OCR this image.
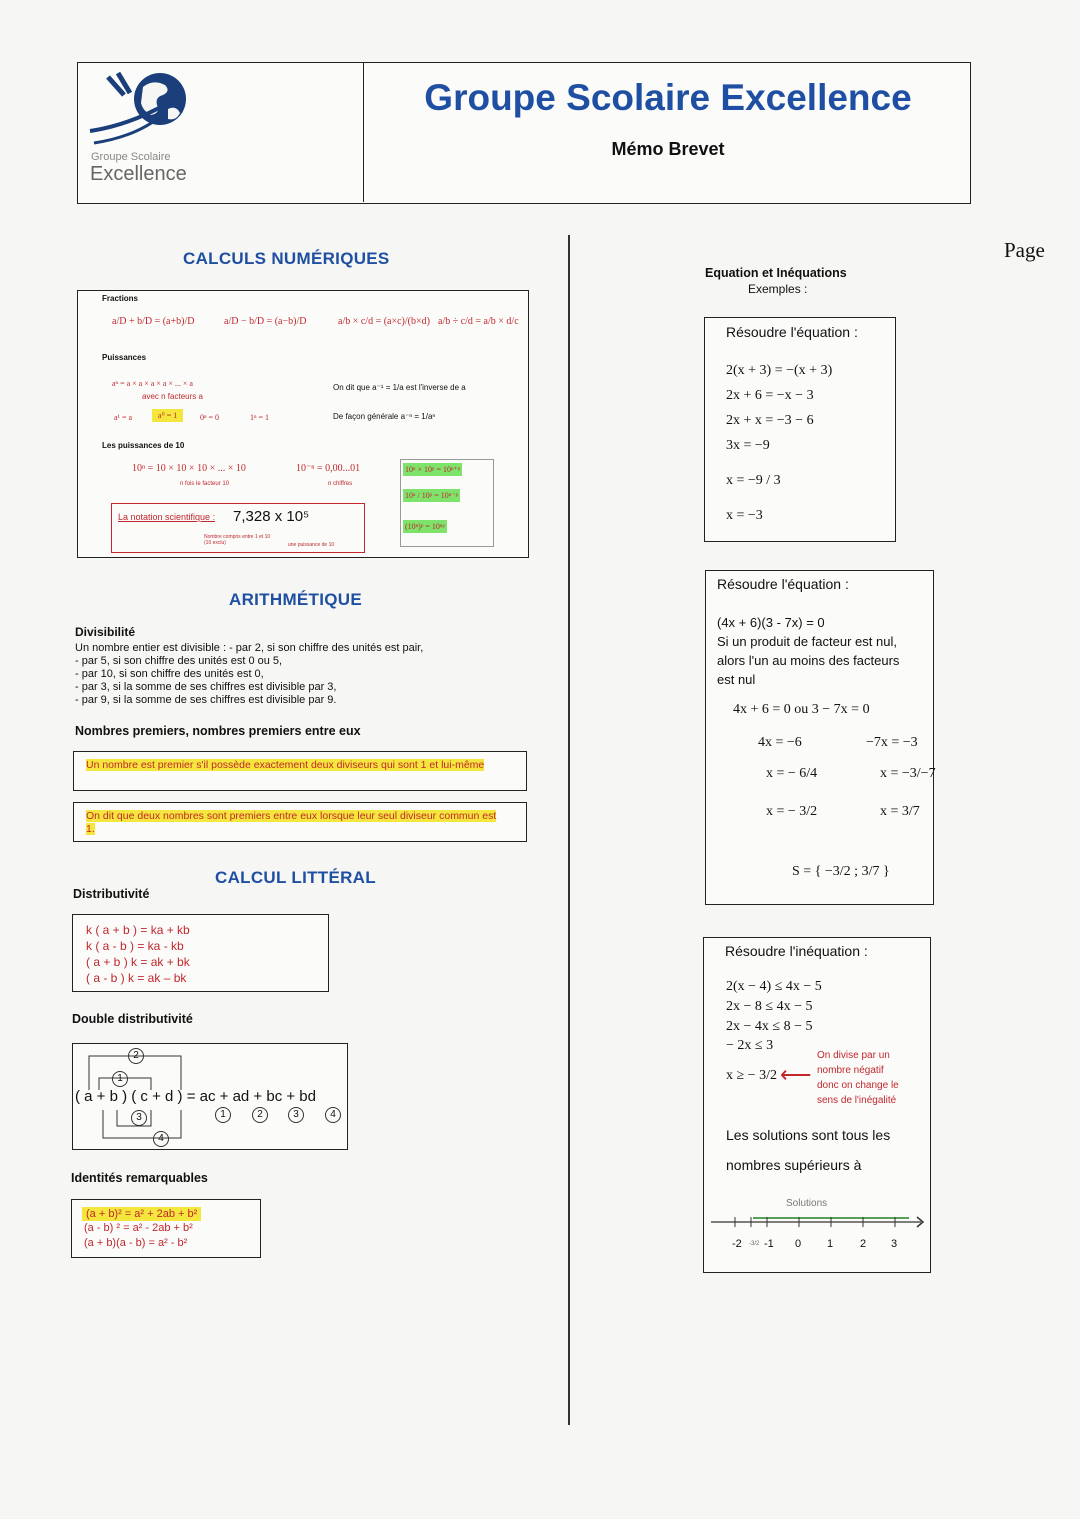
Groupe Scolaire
Excellence
Groupe Scolaire Excellence
Mémo Brevet
Page
CALCULS NUMÉRIQUES
Fractions
a/D + b/D = (a+b)/D	a/D − b/D = (a−b)/D	a/b × c/d = (a×c)/(b×d) a/b ÷ c/d = a/b × d/c
Puissances
aⁿ = a × a × a × a × ... × a
avec n facteurs a
On dit que a⁻¹ = 1/a est l'inverse de a
a¹ = a	a⁰ = 1	0ⁿ = 0	1ⁿ = 1	De façon générale a⁻ⁿ = 1/aⁿ
Les puissances de 10
10ⁿ = 10 × 10 × 10 × ... × 10
n fois le facteur 10
10⁻ⁿ = 0,00...01
n chiffres
10ⁿ × 10ᵖ = 10ⁿ⁺ᵖ
10ⁿ / 10ᵖ = 10ⁿ⁻ᵖ
(10ⁿ)ᵖ = 10ⁿᵖ
La notation scientifique : 7,328 x 10⁵
Nombre compris entre 1 et 10 (10 exclu)	une puissance de 10
ARITHMÉTIQUE
Divisibilité
Un nombre entier est divisible : - par 2, si son chiffre des unités est pair,
- par 5, si son chiffre des unités est 0 ou 5,
- par 10, si son chiffre des unités est 0,
- par 3, si la somme de ses chiffres est divisible par 3,
- par 9, si la somme de ses chiffres est divisible par 9.
Nombres premiers, nombres premiers entre eux
Un nombre est premier s'il possède exactement deux diviseurs qui sont 1 et lui-même
On dit que deux nombres sont premiers entre eux lorsque leur seul diviseur commun est 1.
CALCUL LITTÉRAL
Distributivité
k ( a + b ) = ka + kb
k ( a - b ) = ka - kb
( a + b ) k = ak + bk
( a - b ) k = ak – bk
Double distributivité
2
1
3
4
( a + b ) ( c + d ) = ac + ad + bc + bd
1	2	3	4
Identités remarquables
(a + b)² = a² + 2ab + b²
(a - b) ² = a² - 2ab + b²
(a + b)(a - b) = a² - b²
Equation et Inéquations
Exemples :
Résoudre l'équation :
2(x + 3) = −(x + 3)
2x + 6 = −x − 3
2x + x = −3 − 6
3x = −9
x = −9 / 3
x = −3
Résoudre l'équation :
(4x + 6)(3 - 7x) = 0
Si un produit de facteur est nul,
alors l'un au moins des facteurs
est nul
4x + 6 = 0 ou 3 − 7x = 0
4x = −6	−7x = −3
x = − 6/4	x = −3/−7
x = − 3/2	x = 3/7
S = { −3/2 ; 3/7 }
Résoudre l'inéquation :
2(x − 4) ≤ 4x − 5
2x − 8 ≤ 4x − 5
2x − 4x ≤ 8 − 5
− 2x ≤ 3
x ≥ − 3/2 ⟵
On divise par un
nombre négatif
donc on change le
sens de l'inégalité
Les solutions sont tous les
nombres supérieurs à
Solutions
-2 -3/2 -1 0 1 2 3
